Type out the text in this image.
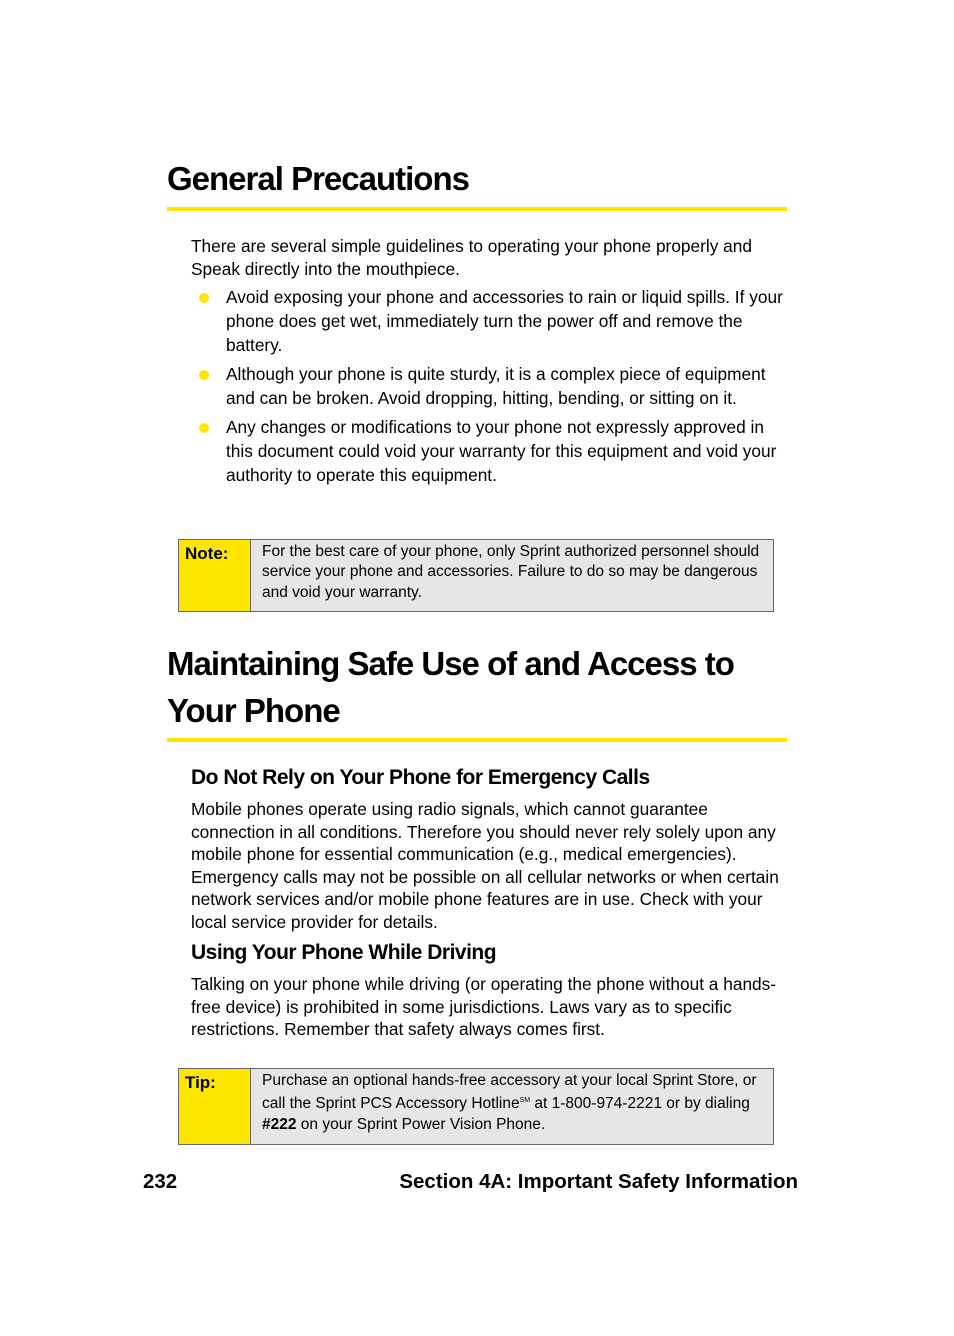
General Precautions

There are several simple guidelines to operating your phone properly and Speak directly into the mouthpiece.

Avoid exposing your phone and accessories to rain or liquid spills. If your phone does get wet, immediately turn the power off and remove the battery.
Although your phone is quite sturdy, it is a complex piece of equipment and can be broken. Avoid dropping, hitting, bending, or sitting on it.
Any changes or modifications to your phone not expressly approved in this document could void your warranty for this equipment and void your authority to operate this equipment.
Note:	For the best care of your phone, only Sprint authorized personnel should service your phone and accessories. Failure to do so may be dangerous and void your warranty.
Maintaining Safe Use of and Access to
Your Phone
Do Not Rely on Your Phone for Emergency Calls

Mobile phones operate using radio signals, which cannot guarantee connection in all conditions. Therefore you should never rely solely upon any mobile phone for essential communication (e.g., medical emergencies). Emergency calls may not be possible on all cellular networks or when certain network services and/or mobile phone features are in use. Check with your local service provider for details.

Using Your Phone While Driving

Talking on your phone while driving (or operating the phone without a hands-free device) is prohibited in some jurisdictions. Laws vary as to specific restrictions. Remember that safety always comes first.

Tip:	Purchase an optional hands-free accessory at your local Sprint Store, or call the Sprint PCS Accessory Hotline℠ at 1-800-974-2221 or by dialing #222 on your Sprint Power Vision Phone.

232	Section 4A: Important Safety Information
